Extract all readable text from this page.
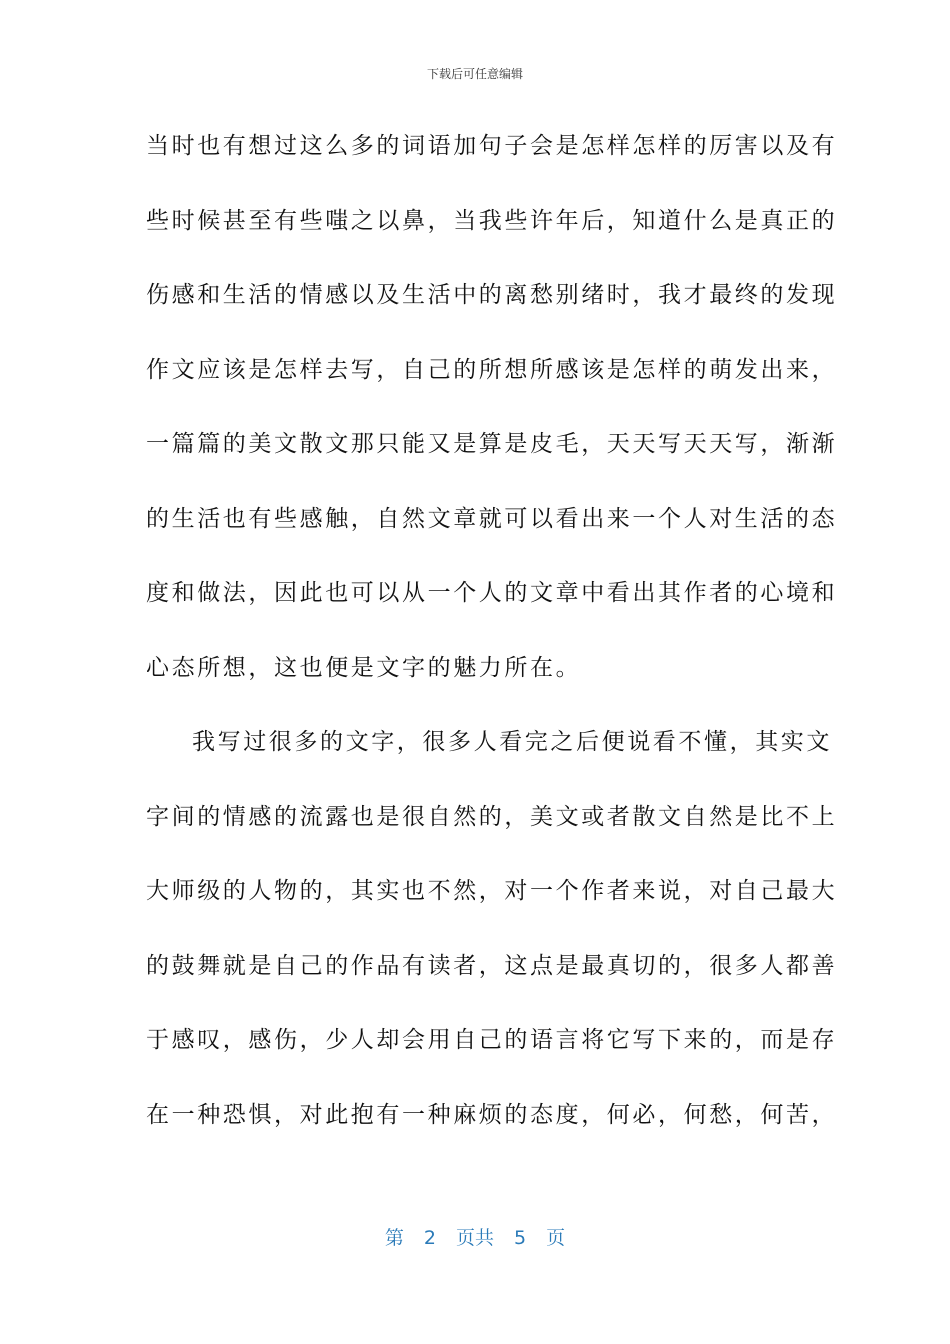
下载后可任意编辑
当时也有想过这么多的词语加句子会是怎样怎样的厉害以及有
些时候甚至有些嗤之以鼻，当我些许年后，知道什么是真正的
伤感和生活的情感以及生活中的离愁别绪时，我才最终的发现
作文应该是怎样去写，自己的所想所感该是怎样的萌发出来，
一篇篇的美文散文那只能又是算是皮毛，天天写天天写，渐渐
的生活也有些感触，自然文章就可以看出来一个人对生活的态
度和做法，因此也可以从一个人的文章中看出其作者的心境和
心态所想，这也便是文字的魅力所在。
我写过很多的文字，很多人看完之后便说看不懂，其实文
字间的情感的流露也是很自然的，美文或者散文自然是比不上
大师级的人物的，其实也不然，对一个作者来说，对自己最大
的鼓舞就是自己的作品有读者，这点是最真切的，很多人都善
于感叹，感伤，少人却会用自己的语言将它写下来的，而是存
在一种恐惧，对此抱有一种麻烦的态度，何必，何愁，何苦，
第 2 页共 5 页
